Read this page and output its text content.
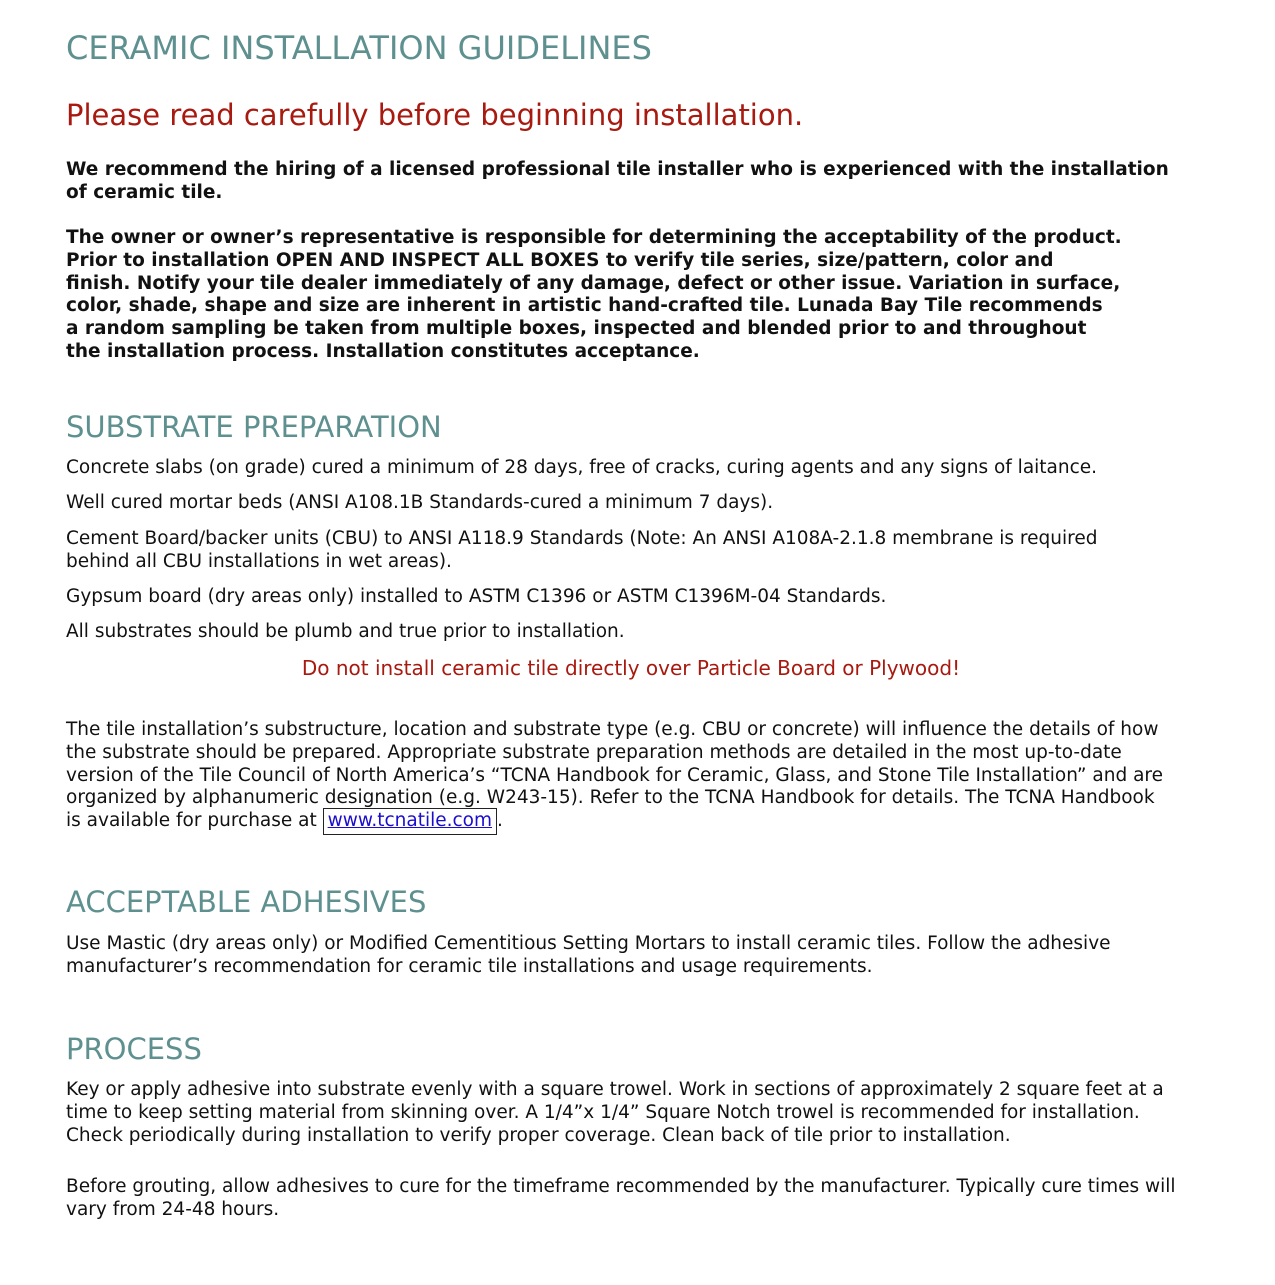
CERAMIC INSTALLATION GUIDELINES
Please read carefully before beginning installation.
We recommend the hiring of a licensed professional tile installer who is experienced with the installation
of ceramic tile.
The owner or owner’s representative is responsible for determining the acceptability of the product.
Prior to installation OPEN AND INSPECT ALL BOXES to verify tile series, size/pattern, color and
finish. Notify your tile dealer immediately of any damage, defect or other issue. Variation in surface,
color, shade, shape and size are inherent in artistic hand-crafted tile. Lunada Bay Tile recommends
a random sampling be taken from multiple boxes, inspected and blended prior to and throughout
the installation process. Installation constitutes acceptance.
SUBSTRATE PREPARATION
Concrete slabs (on grade) cured a minimum of 28 days, free of cracks, curing agents and any signs of laitance.
Well cured mortar beds (ANSI A108.1B Standards-cured a minimum 7 days).
Cement Board/backer units (CBU) to ANSI A118.9 Standards (Note: An ANSI A108A-2.1.8 membrane is required
behind all CBU installations in wet areas).
Gypsum board (dry areas only) installed to ASTM C1396 or ASTM C1396M-04 Standards.
All substrates should be plumb and true prior to installation.
Do not install ceramic tile directly over Particle Board or Plywood!
The tile installation’s substructure, location and substrate type (e.g. CBU or concrete) will influence the details of how
the substrate should be prepared. Appropriate substrate preparation methods are detailed in the most up-to-date
version of the Tile Council of North America’s “TCNA Handbook for Ceramic, Glass, and Stone Tile Installation” and are
organized by alphanumeric designation (e.g. W243-15). Refer to the TCNA Handbook for details. The TCNA Handbook
is available for purchase at www.tcnatile.com .
ACCEPTABLE ADHESIVES
Use Mastic (dry areas only) or Modified Cementitious Setting Mortars to install ceramic tiles. Follow the adhesive
manufacturer’s recommendation for ceramic tile installations and usage requirements.
PROCESS
Key or apply adhesive into substrate evenly with a square trowel. Work in sections of approximately 2 square feet at a
time to keep setting material from skinning over. A 1/4”x 1/4” Square Notch trowel is recommended for installation.
Check periodically during installation to verify proper coverage. Clean back of tile prior to installation.
Before grouting, allow adhesives to cure for the timeframe recommended by the manufacturer. Typically cure times will
vary from 24-48 hours.
